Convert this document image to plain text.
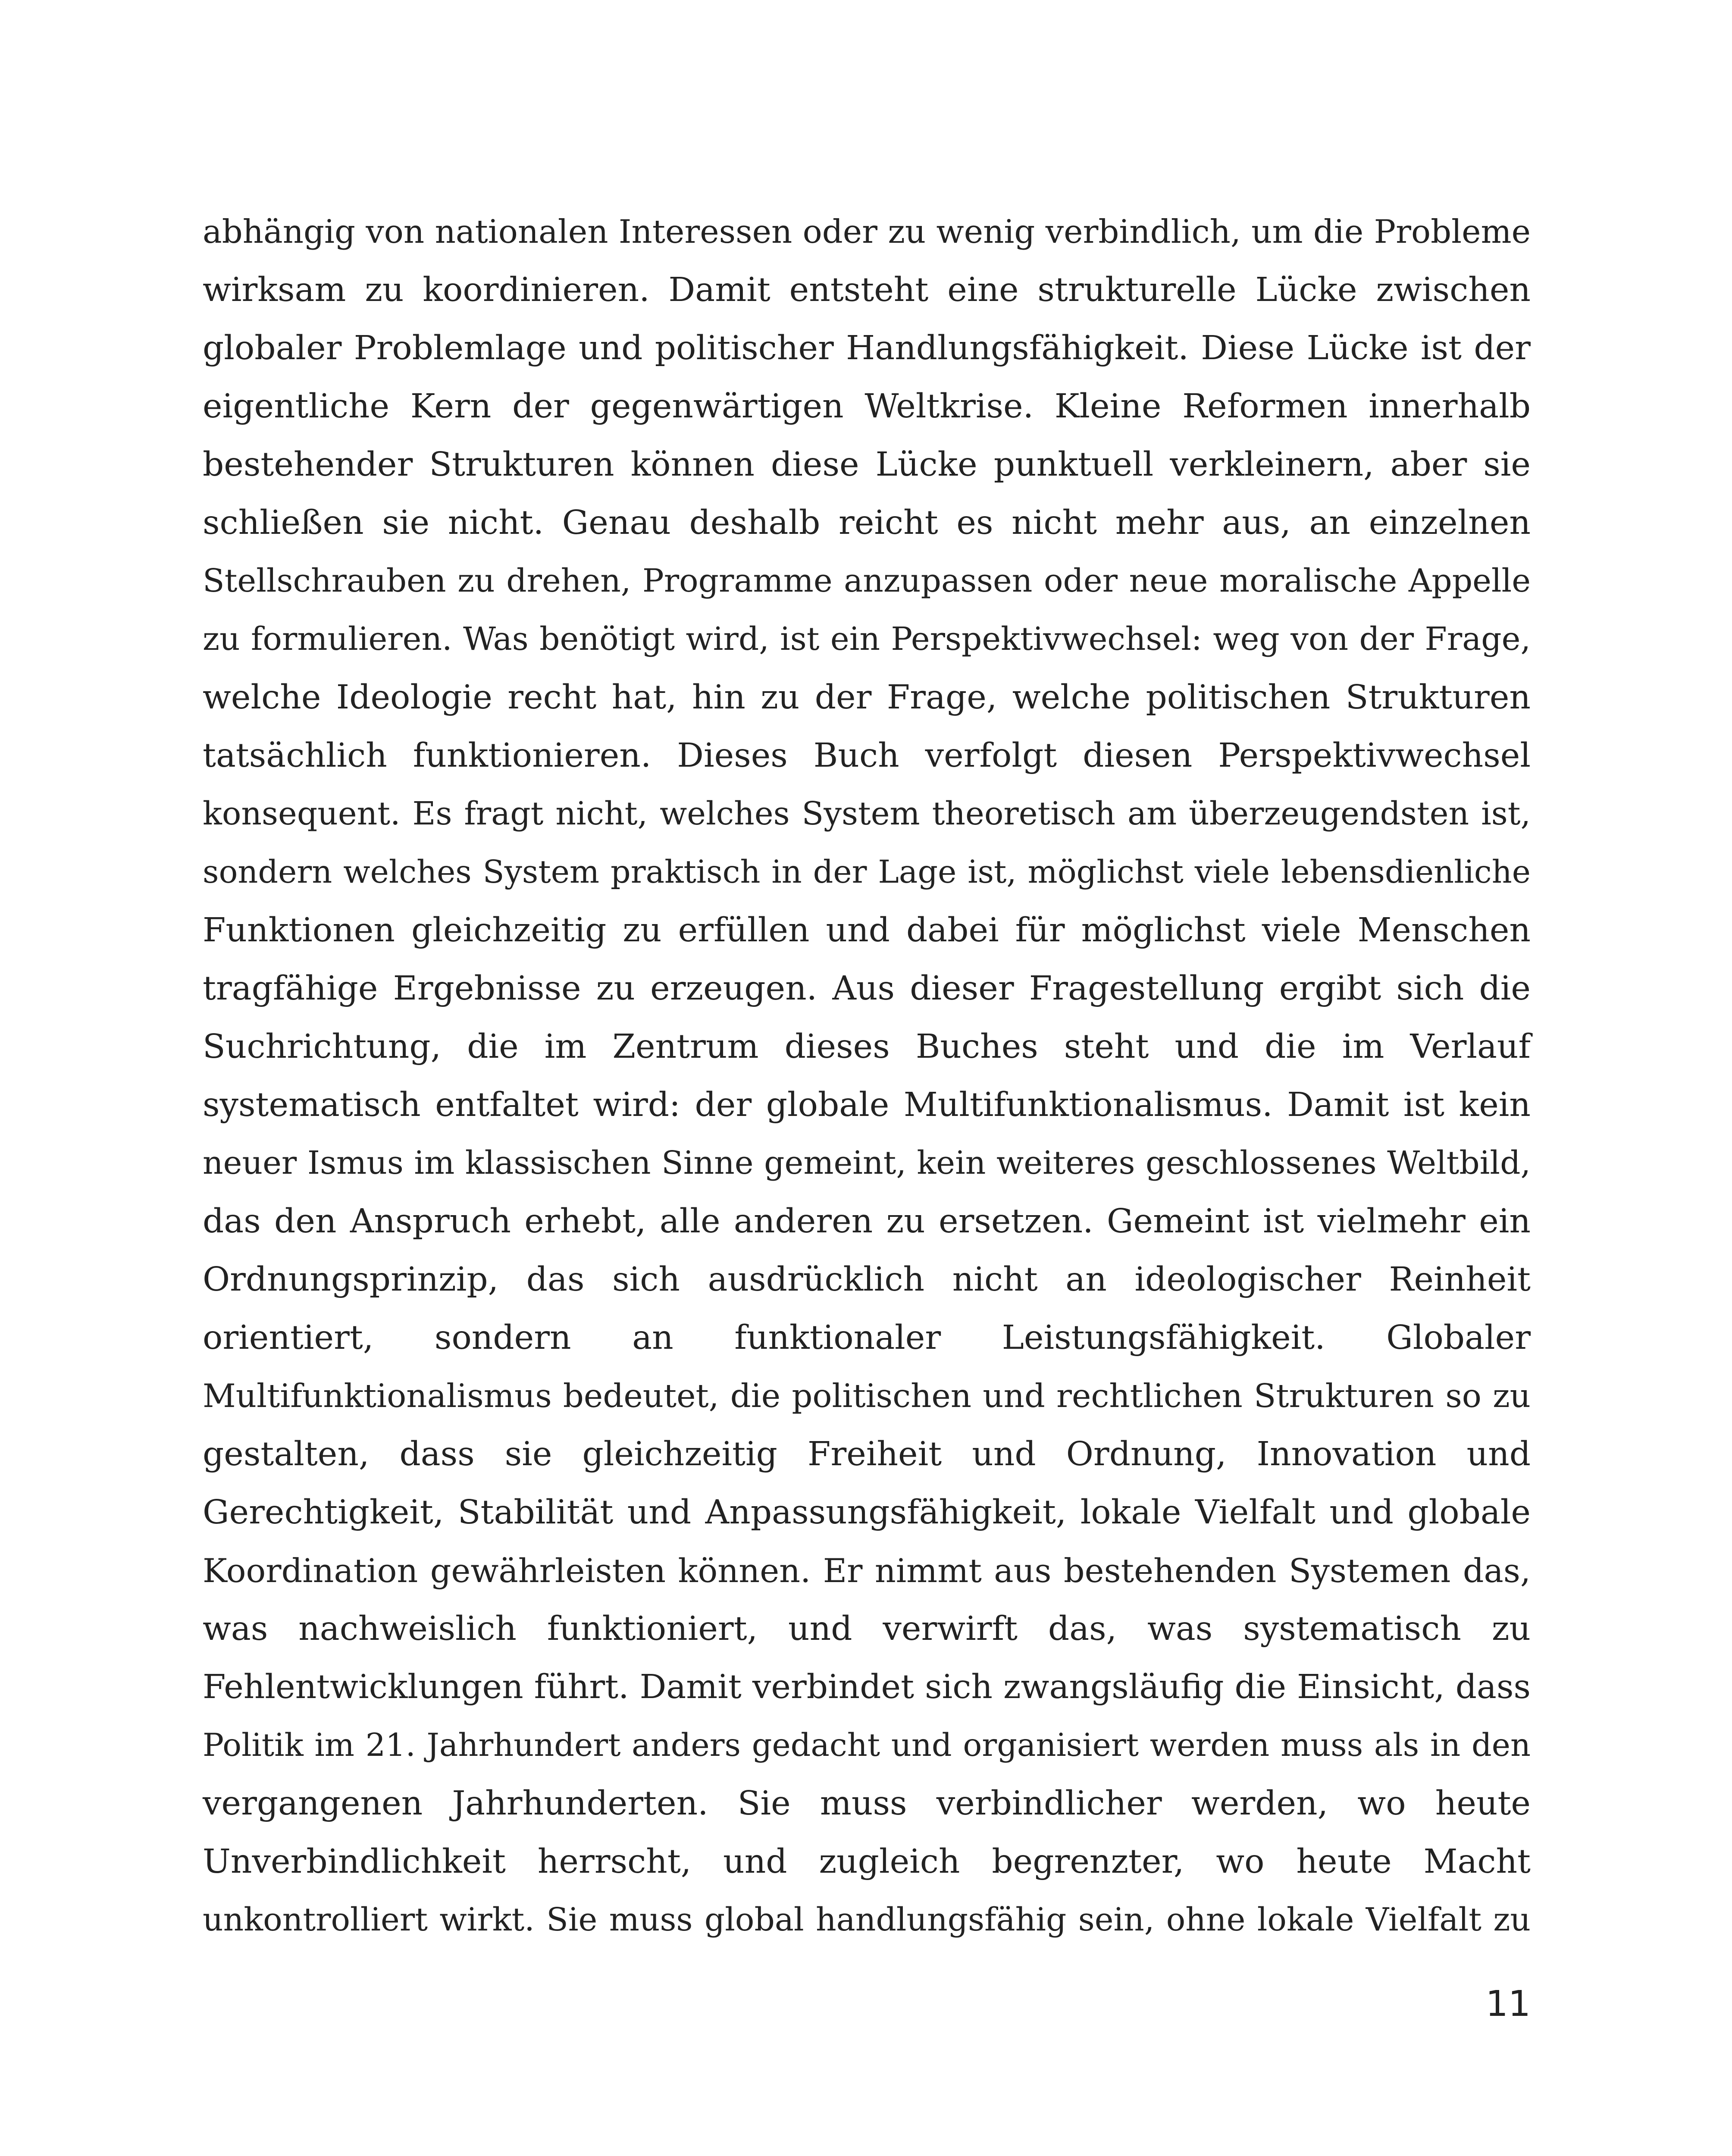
abhängig von nationalen Interessen oder zu wenig verbindlich, um die Probleme
wirksam zu koordinieren. Damit entsteht eine strukturelle Lücke zwischen
globaler Problemlage und politischer Handlungsfähigkeit. Diese Lücke ist der
eigentliche Kern der gegenwärtigen Weltkrise. Kleine Reformen innerhalb
bestehender Strukturen können diese Lücke punktuell verkleinern, aber sie
schließen sie nicht. Genau deshalb reicht es nicht mehr aus, an einzelnen
Stellschrauben zu drehen, Programme anzupassen oder neue moralische Appelle
zu formulieren. Was benötigt wird, ist ein Perspektivwechsel: weg von der Frage,
welche Ideologie recht hat, hin zu der Frage, welche politischen Strukturen
tatsächlich funktionieren. Dieses Buch verfolgt diesen Perspektivwechsel
konsequent. Es fragt nicht, welches System theoretisch am überzeugendsten ist,
sondern welches System praktisch in der Lage ist, möglichst viele lebensdienliche
Funktionen gleichzeitig zu erfüllen und dabei für möglichst viele Menschen
tragfähige Ergebnisse zu erzeugen. Aus dieser Fragestellung ergibt sich die
Suchrichtung, die im Zentrum dieses Buches steht und die im Verlauf
systematisch entfaltet wird: der globale Multifunktionalismus. Damit ist kein
neuer Ismus im klassischen Sinne gemeint, kein weiteres geschlossenes Weltbild,
das den Anspruch erhebt, alle anderen zu ersetzen. Gemeint ist vielmehr ein
Ordnungsprinzip, das sich ausdrücklich nicht an ideologischer Reinheit
orientiert, sondern an funktionaler Leistungsfähigkeit. Globaler
Multifunktionalismus bedeutet, die politischen und rechtlichen Strukturen so zu
gestalten, dass sie gleichzeitig Freiheit und Ordnung, Innovation und
Gerechtigkeit, Stabilität und Anpassungsfähigkeit, lokale Vielfalt und globale
Koordination gewährleisten können. Er nimmt aus bestehenden Systemen das,
was nachweislich funktioniert, und verwirft das, was systematisch zu
Fehlentwicklungen führt. Damit verbindet sich zwangsläufig die Einsicht, dass
Politik im 21. Jahrhundert anders gedacht und organisiert werden muss als in den
vergangenen Jahrhunderten. Sie muss verbindlicher werden, wo heute
Unverbindlichkeit herrscht, und zugleich begrenzter, wo heute Macht
unkontrolliert wirkt. Sie muss global handlungsfähig sein, ohne lokale Vielfalt zu
11
